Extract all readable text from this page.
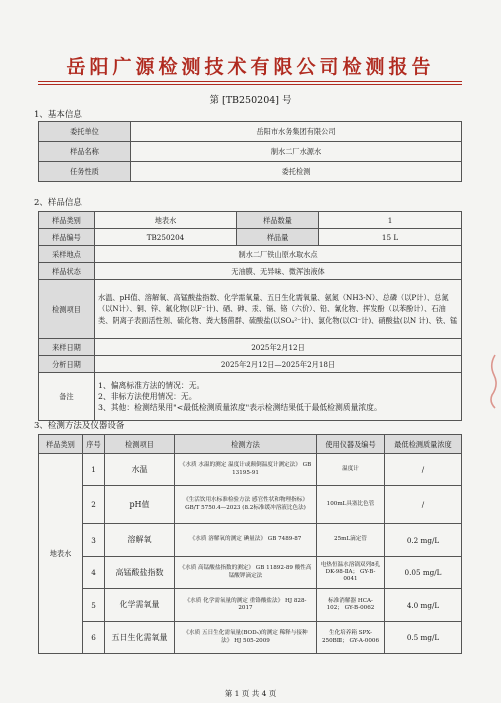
岳阳广源检测技术有限公司检测报告
第 [TB250204] 号
1、基本信息
委托单位	岳阳市水务集团有限公司
样品名称	制水二厂水源水
任务性质	委托检测
2、样品信息
样品类别	地表水	样品数量	1
样品编号	TB250204	样品量	15 L
采样地点	制水二厂铁山原水取水点		
样品状态	无油膜、无异味、微浑浊液体		
检测项目	水温、pH值、溶解氧、高锰酸盐指数、化学需氧量、五日生化需氧量、氨氮（NH3-N）、总磷（以P计）、总氮（以N计）、铜、锌、氟化物(以F⁻计)、硒、砷、汞、镉、铬（六价）、铅、氰化物、挥发酚（以苯酚计）、石油类、阴离子表面活性剂、硫化物、粪大肠菌群、硫酸盐(以SO₄²⁻计)、氯化物(以Cl⁻计)、硝酸盐(以N 计)、铁、锰		
来样日期	2025年2月12日		
分析日期	2025年2月12日—2025年2月18日		
备注	1、偏离标准方法的情况：无。
2、非标方法使用情况：无。
3、其他：检测结果用"<最低检测质量浓度"表示检测结果低于最低检测质量浓度。		
3、检测方法及仪器设备
样品类别	序号	检测项目	检测方法	使用仪器及编号	最低检测质量浓度
地表水	1	水温	《水质 水温的测定 温度计或颠倒温度计测定法》 GB 13195-91	温度计	/
	2	pH值	《生活饮用水标准检验方法 感官性状和物理指标》GB/T 5750.4—2023 (8.2标准缓冲溶液比色法)	100mL具塞比色管	/
	3	溶解氧	《水质 溶解氧的测定 碘量法》 GB 7489-87	25mL滴定管	0.2 mg/L
	4	高锰酸盐指数	《水质 高锰酸盐指数的测定》 GB 11892-89 酸性高锰酸钾滴定法	电热恒温水溶锅双列8孔 DK-98-ⅡA； GY-B-0041	0.05 mg/L
	5	化学需氧量	《水质 化学需氧量的测定 重铬酸盐法》 HJ 828-2017	标准消解器 HCA-102； GY-B-0062	4.0 mg/L
	6	五日生化需氧量	《水质 五日生化需氧量(BOD₅)的测定 稀释与接种法》 HJ 505-2009	生化培养箱 SPX-250BⅢ； GY-A-0006	0.5 mg/L
第 1 页 共 4 页
